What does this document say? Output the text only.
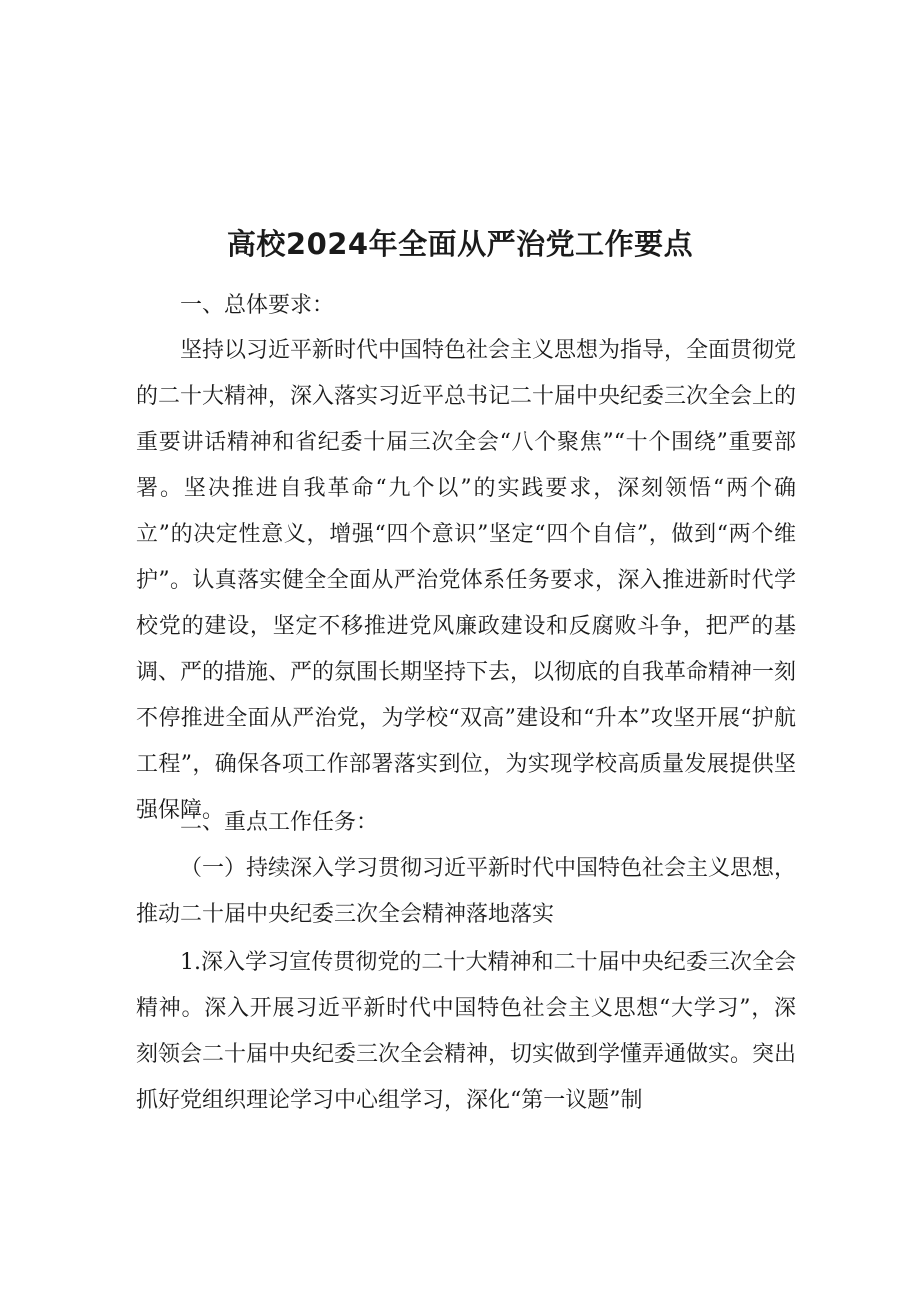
高校2024年全面从严治党工作要点

一、总体要求：

坚持以习近平新时代中国特色社会主义思想为指导，全面贯彻党的二十大精神，深入落实习近平总书记二十届中央纪委三次全会上的重要讲话精神和省纪委十届三次全会“八个聚焦”“十个围绕”重要部署。坚决推进自我革命“九个以”的实践要求，深刻领悟“两个确立”的决定性意义，增强“四个意识”坚定“四个自信”，做到“两个维护”。认真落实健全全面从严治党体系任务要求，深入推进新时代学校党的建设，坚定不移推进党风廉政建设和反腐败斗争，把严的基调、严的措施、严的氛围长期坚持下去，以彻底的自我革命精神一刻不停推进全面从严治党，为学校“双高”建设和“升本”攻坚开展“护航工程”，确保各项工作部署落实到位，为实现学校高质量发展提供坚强保障。

二、重点工作任务：

（一）持续深入学习贯彻习近平新时代中国特色社会主义思想，推动二十届中央纪委三次全会精神落地落实

1.深入学习宣传贯彻党的二十大精神和二十届中央纪委三次全会精神。深入开展习近平新时代中国特色社会主义思想“大学习”，深刻领会二十届中央纪委三次全会精神，切实做到学懂弄通做实。突出抓好党组织理论学习中心组学习，深化“第一议题”制
